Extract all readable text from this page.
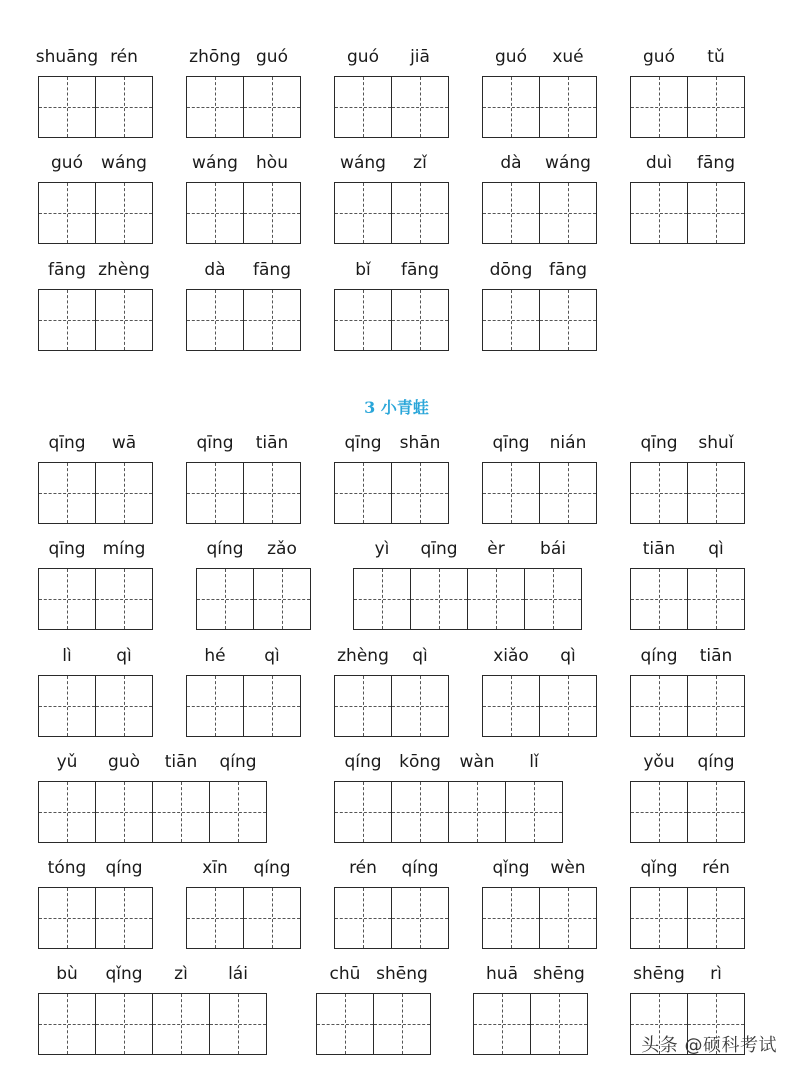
3 小青蛙
shuāng rén	zhōng guó	guó jiā	guó xué	guó tǔ
guó wáng	wáng hòu	wáng zǐ	dà wáng	duì fāng
fāng zhèng	dà fāng	bǐ fāng	dōng fāng
qīng wā	qīng tiān	qīng shān	qīng nián	qīng shuǐ
qīng míng	qíng zǎo	yì qīng èr bái	tiān qì
lì	qì	hé qì	zhèng qì	xiǎo qì	qíng tiān
yǔ guò tiān qíng	qíng kōng wàn lǐ	yǒu qíng
tóng qíng	xīn qíng	rén qíng	qǐng wèn	qǐng rén
bù qǐng zì lái	chū shēng	huā shēng	shēng rì
头条 @硕科考试
